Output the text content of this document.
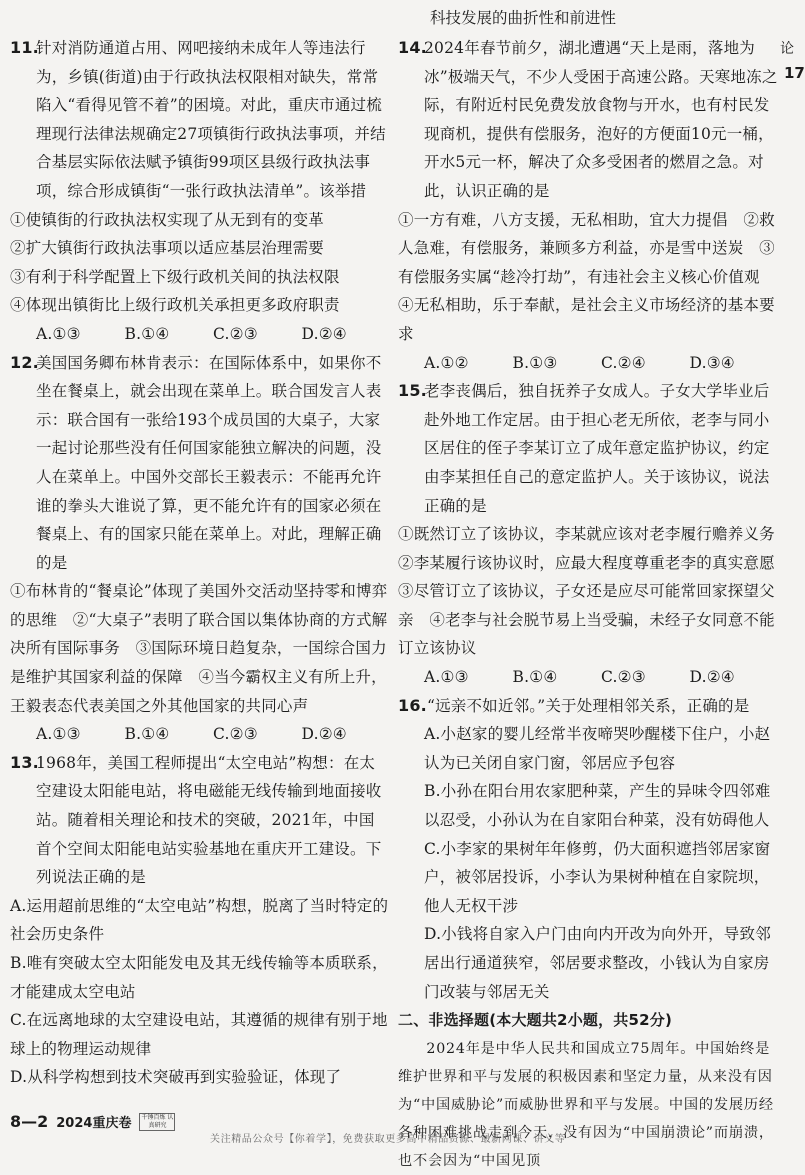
科技发展的曲折性和前进性
论
17
11.
针对消防通道占用、网吧接纳未成年人等违法行为，乡镇(街道)由于行政执法权限相对缺失，常常陷入“看得见管不着”的困境。对此，重庆市通过梳理现行法律法规确定27项镇街行政执法事项，并结合基层实际依法赋予镇街99项区县级行政执法事项，综合形成镇街“一张行政执法清单”。该举措
①使镇街的行政执法权实现了从无到有的变革
②扩大镇街行政执法事项以适应基层治理需要
③有利于科学配置上下级行政机关间的执法权限
④体现出镇街比上级行政机关承担更多政府职责
A.①③	B.①④	C.②③	D.②④
12.
美国国务卿布林肯表示：在国际体系中，如果你不坐在餐桌上，就会出现在菜单上。联合国发言人表示：联合国有一张给193个成员国的大桌子，大家一起讨论那些没有任何国家能独立解决的问题，没人在菜单上。中国外交部长王毅表示：不能再允许谁的拳头大谁说了算，更不能允许有的国家必须在餐桌上、有的国家只能在菜单上。对此，理解正确的是
①布林肯的“餐桌论”体现了美国外交活动坚持零和博弈的思维　②“大桌子”表明了联合国以集体协商的方式解决所有国际事务　③国际环境日趋复杂，一国综合国力是维护其国家利益的保障　④当今霸权主义有所上升，王毅表态代表美国之外其他国家的共同心声
A.①③	B.①④	C.②③	D.②④
13.
1968年，美国工程师提出“太空电站”构想：在太空建设太阳能电站，将电磁能无线传输到地面接收站。随着相关理论和技术的突破，2021年，中国首个空间太阳能电站实验基地在重庆开工建设。下列说法正确的是
A.运用超前思维的“太空电站”构想，脱离了当时特定的社会历史条件
B.唯有突破太空太阳能发电及其无线传输等本质联系，才能建成太空电站
C.在远离地球的太空建设电站，其遵循的规律有别于地球上的物理运动规律
D.从科学构想到技术突破再到实验验证，体现了
14.
2024年春节前夕，湖北遭遇“天上是雨，落地为冰”极端天气，不少人受困于高速公路。天寒地冻之际，有附近村民免费发放食物与开水，也有村民发现商机，提供有偿服务，泡好的方便面10元一桶，开水5元一杯，解决了众多受困者的燃眉之急。对此，认识正确的是
①一方有难，八方支援，无私相助，宜大力提倡　②救人急难，有偿服务，兼顾多方利益，亦是雪中送炭　③有偿服务实属“趁冷打劫”，有违社会主义核心价值观　④无私相助，乐于奉献，是社会主义市场经济的基本要求
A.①②	B.①③	C.②④	D.③④
15.
老李丧偶后，独自抚养子女成人。子女大学毕业后赴外地工作定居。由于担心老无所依，老李与同小区居住的侄子李某订立了成年意定监护协议，约定由李某担任自己的意定监护人。关于该协议，说法正确的是
①既然订立了该协议，李某就应该对老李履行赡养义务　②李某履行该协议时，应最大程度尊重老李的真实意愿　③尽管订立了该协议，子女还是应尽可能常回家探望父亲　④老李与社会脱节易上当受骗，未经子女同意不能订立该协议
A.①③	B.①④	C.②③	D.②④
16. “远亲不如近邻。”关于处理相邻关系，正确的是
A.小赵家的婴儿经常半夜啼哭吵醒楼下住户，小赵认为已关闭自家门窗，邻居应予包容
B.小孙在阳台用农家肥种菜，产生的异味令四邻难以忍受，小孙认为在自家阳台种菜，没有妨碍他人
C.小李家的果树年年修剪，仍大面积遮挡邻居家窗户，被邻居投诉，小李认为果树种植在自家院坝，他人无权干涉
D.小钱将自家入户门由向内开改为向外开，导致邻居出行通道狭窄，邻居要求整改，小钱认为自家房门改装与邻居无关
二、非选择题(本大题共2小题，共52分)
2024年是中华人民共和国成立75周年。中国始终是维护世界和平与发展的积极因素和坚定力量，从来没有因为“中国威胁论”而威胁世界和平与发展。中国的发展历经各种困难挑战走到今天，没有因为“中国崩溃论”而崩溃，也不会因为“中国见顶
8—2 2024重庆卷	千锤百炼 认真研究
关注精品公众号【你着学】，免费获取更多高中精品资源、最新网课、讲义等
